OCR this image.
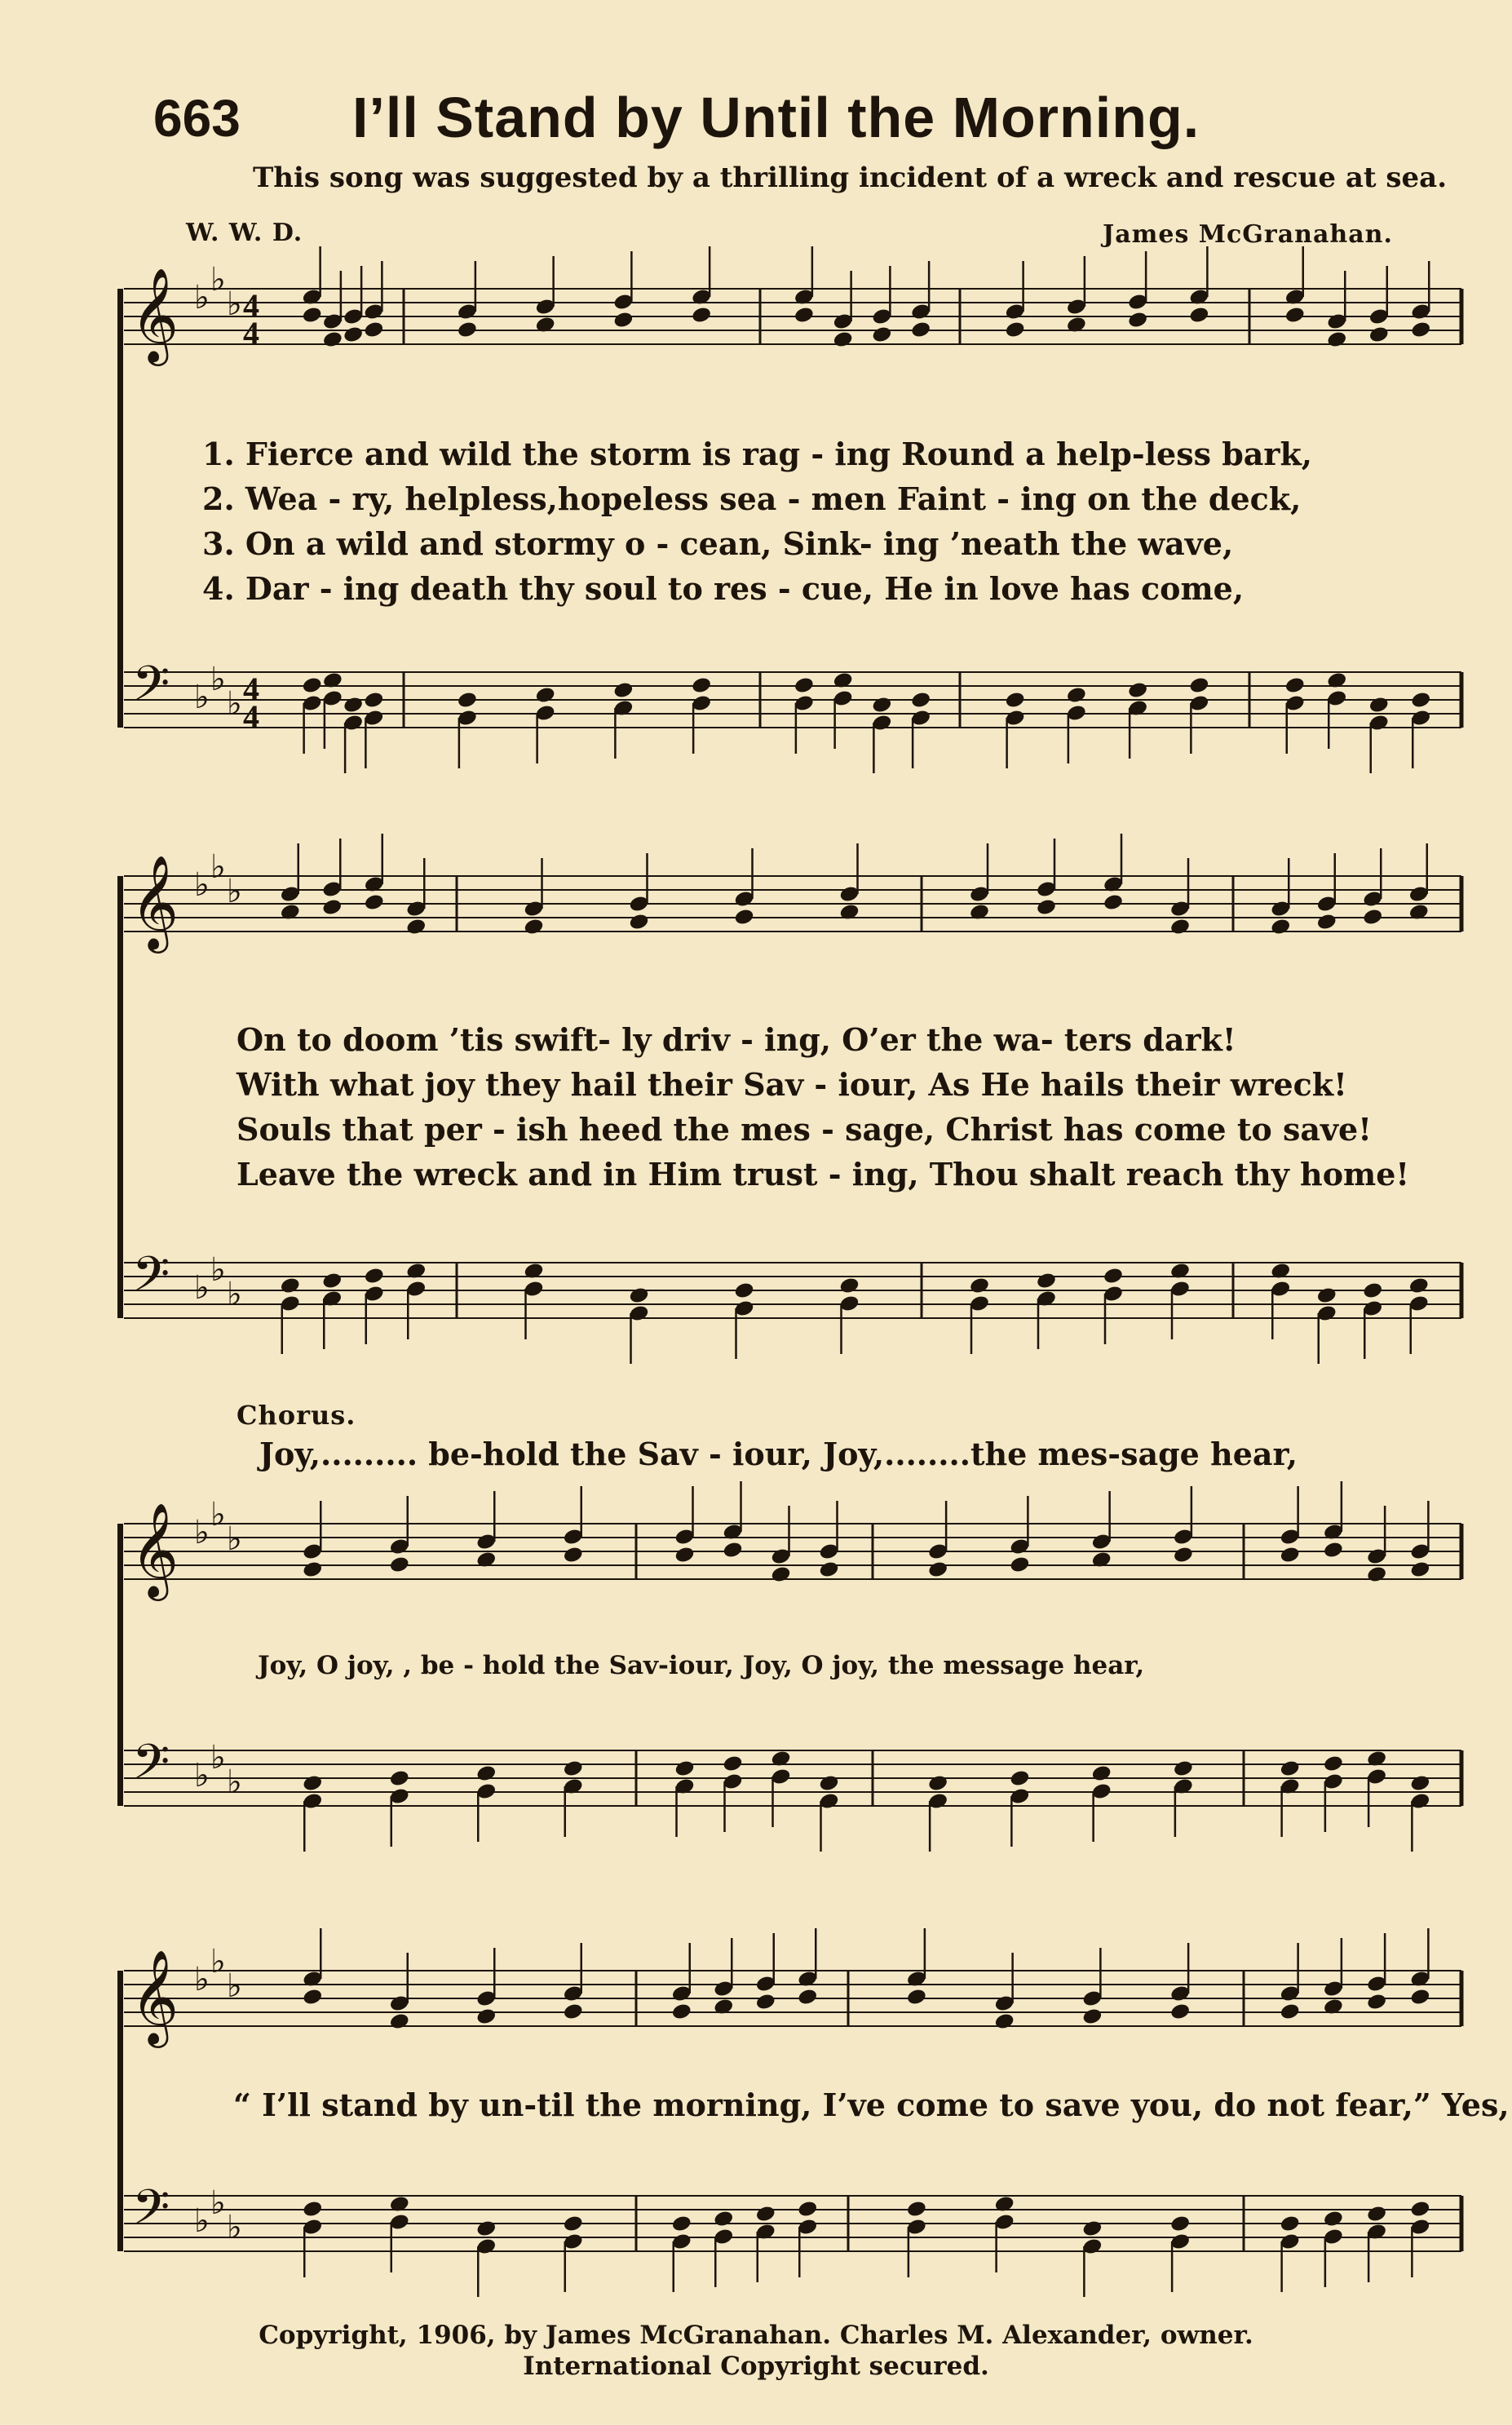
𝄞 ♭ ♭
♭ 4
4
𝄢 ♭ ♭
♭ 4
4
𝄞 ♭ ♭
♭
𝄢 ♭ ♭
♭
𝄞 ♭ ♭
♭
𝄢 ♭ ♭
♭
𝄞 ♭ ♭
♭
𝄢 ♭ ♭
♭
663 I’ll Stand by Until the Morning.
This song was suggested by a thrilling incident of a wreck and rescue at sea.
W. W. D.	James McGranahan.
1. Fierce and wild the storm is rag - ing Round a help-less bark,
2. Wea - ry, helpless,hopeless sea - men Faint - ing on the deck,
3. On a wild and stormy o - cean, Sink- ing ’neath the wave,
4. Dar - ing death thy soul to res - cue, He in love has come,
On to doom ’tis swift- ly driv - ing, O’er the wa- ters dark!
With what joy they hail their Sav - iour, As He hails their wreck!
Souls that per - ish heed the mes - sage, Christ has come to save!
Leave the wreck and in Him trust - ing, Thou shalt reach thy home!
Chorus.
Joy,......... be-hold the Sav - iour, Joy,........the mes-sage hear,
Joy, O joy, , be - hold the Sav-iour, Joy, O joy, the message hear,
“ I’ll stand by un-til the morning, I’ve come to save you, do not fear,” Yes,
Copyright, 1906, by James McGranahan. Charles M. Alexander, owner.
International Copyright secured.
